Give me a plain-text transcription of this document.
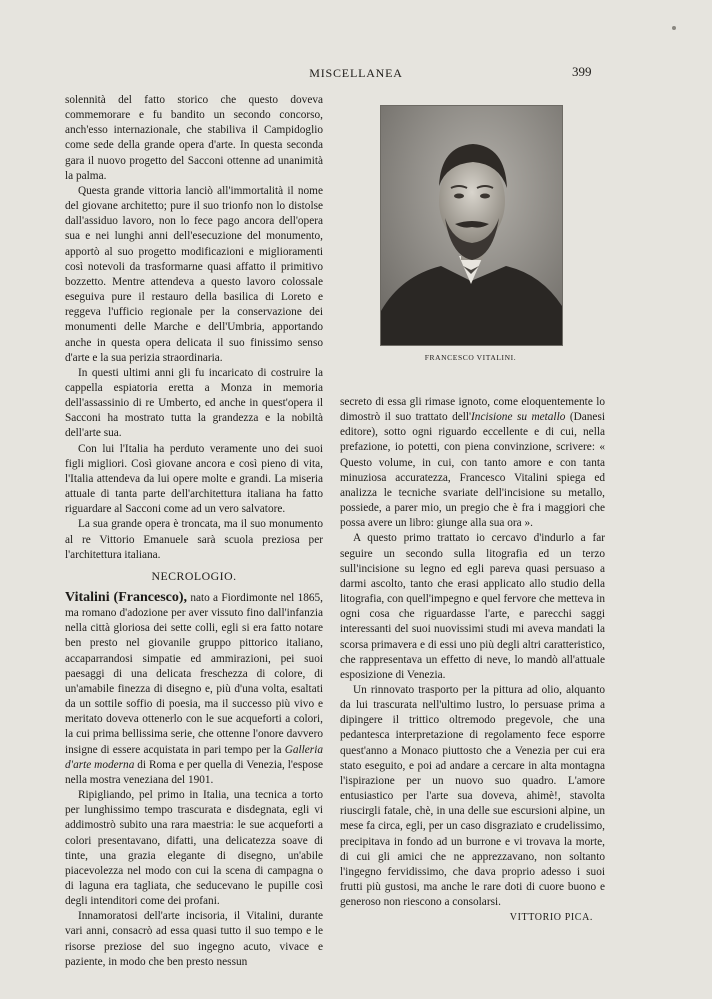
MISCELLANEA	399

solennità del fatto storico che questo doveva commemorare e fu bandito un secondo concorso, anch'esso internazionale, che stabiliva il Campidoglio come sede della grande opera d'arte. In questa seconda gara il nuovo progetto del Sacconi ottenne ad unanimità la palma.

Questa grande vittoria lanciò all'immortalità il nome del giovane architetto; pure il suo trionfo non lo distolse dall'assiduo lavoro, non lo fece pago ancora dell'opera sua e nei lunghi anni dell'esecuzione del monumento, apportò al suo progetto modificazioni e miglioramenti così notevoli da trasformarne quasi affatto il primitivo bozzetto. Mentre attendeva a questo lavoro colossale eseguiva pure il restauro della basilica di Loreto e reggeva l'ufficio regionale per la conservazione dei monumenti delle Marche e dell'Umbria, apportando anche in questa opera delicata il suo finissimo senso d'arte e la sua perizia straordinaria.

In questi ultimi anni gli fu incaricato di costruire la cappella espiatoria eretta a Monza in memoria dell'assassinio di re Umberto, ed anche in quest'opera il Sacconi ha mostrato tutta la grandezza e la nobiltà dell'arte sua.

Con lui l'Italia ha perduto veramente uno dei suoi figli migliori. Così giovane ancora e così pieno di vita, l'Italia attendeva da lui opere molte e grandi. La miseria attuale di tanta parte dell'architettura italiana ha fatto riguardare al Sacconi come ad un vero salvatore.

La sua grande opera è troncata, ma il suo monumento al re Vittorio Emanuele sarà scuola preziosa per l'architettura italiana.

NECROLOGIO.

Vitalini (Francesco), nato a Fiordimonte nel 1865, ma romano d'adozione per aver vissuto fino dall'infanzia nella città gloriosa dei sette colli, egli si era fatto notare ben presto nel giovanile gruppo pittorico italiano, accaparrandosi simpatie ed ammirazioni, pei suoi paesaggi di una delicata freschezza di colore, di un'amabile finezza di disegno e, più d'una volta, esaltati da un sottile soffio di poesia, ma il successo più vivo e meritato doveva ottenerlo con le sue acqueforti a colori, la cui prima bellissima serie, che ottenne l'onore davvero insigne di essere acquistata in pari tempo per la Galleria d'arte moderna di Roma e per quella di Venezia, l'espose nella mostra veneziana del 1901.

Ripigliando, pel primo in Italia, una tecnica a torto per lunghissimo tempo trascurata e disdegnata, egli vi addimostrò subito una rara maestria: le sue acqueforti a colori presentavano, difatti, una delicatezza soave di tinte, una grazia elegante di disegno, un'abile piacevolezza nel modo con cui la scena di campagna o di laguna era tagliata, che seducevano le pupille così degli intenditori come dei profani.

Innamoratosi dell'arte incisoria, il Vitalini, durante vari anni, consacrò ad essa quasi tutto il suo tempo e le risorse preziose del suo ingegno acuto, vivace e paziente, in modo che ben presto nessun

FRANCESCO VITALINI.

secreto di essa gli rimase ignoto, come eloquentemente lo dimostrò il suo trattato dell'Incisione su metallo (Danesi editore), sotto ogni riguardo eccellente e di cui, nella prefazione, io potetti, con piena convinzione, scrivere: « Questo volume, in cui, con tanto amore e con tanta minuziosa accuratezza, Francesco Vitalini spiega ed analizza le tecniche svariate dell'incisione su metallo, possiede, a parer mio, un pregio che è fra i maggiori che possa avere un libro: giunge alla sua ora ».

A questo primo trattato io cercavo d'indurlo a far seguire un secondo sulla litografia ed un terzo sull'incisione su legno ed egli pareva quasi persuaso a darmi ascolto, tanto che erasi applicato allo studio della litografia, con quell'impegno e quel fervore che metteva in ogni cosa che riguardasse l'arte, e parecchi saggi interessanti del suoi nuovissimi studi mi aveva mandati la scorsa primavera e di essi uno più degli altri caratteristico, che rappresentava un effetto di neve, lo mandò all'attuale esposizione di Venezia.

Un rinnovato trasporto per la pittura ad olio, alquanto da lui trascurata nell'ultimo lustro, lo persuase prima a dipingere il trittico oltremodo pregevole, che una pedantesca interpretazione di regolamento fece esporre quest'anno a Monaco piuttosto che a Venezia per cui era stato eseguito, e poi ad andare a cercare in alta montagna l'ispirazione per un nuovo suo quadro. L'amore entusiastico per l'arte sua doveva, ahimè!, stavolta riuscirgli fatale, chè, in una delle sue escursioni alpine, un mese fa circa, egli, per un caso disgraziato e crudelissimo, precipitava in fondo ad un burrone e vi trovava la morte, di cui gli amici che ne apprezzavano, non soltanto l'ingegno fervidissimo, che dava proprio adesso i suoi frutti più gustosi, ma anche le rare doti di cuore buono e generoso non riescono a consolarsi.

VITTORIO PICA.
